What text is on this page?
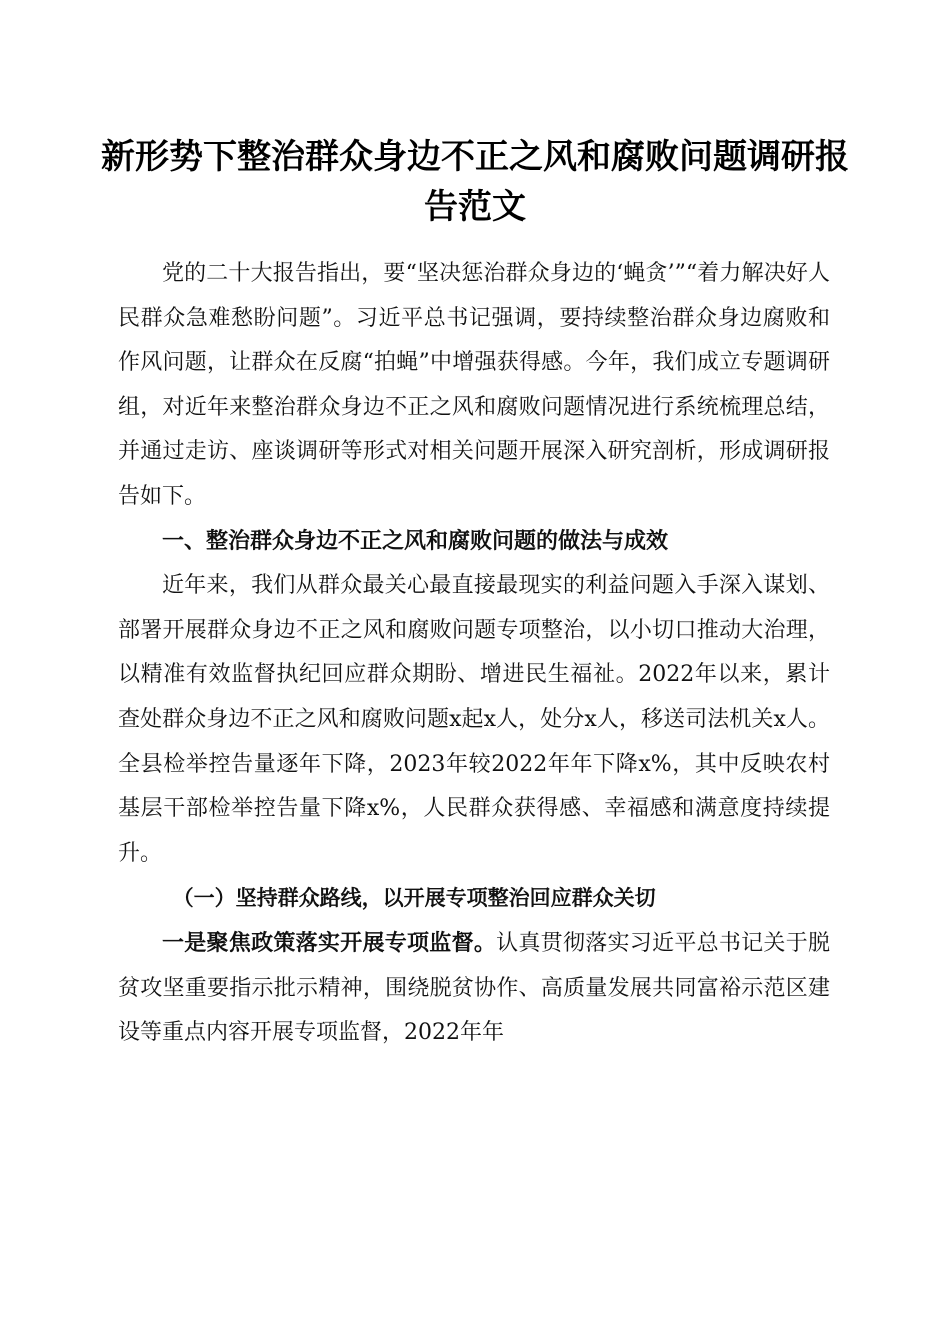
新形势下整治群众身边不正之风和腐败问题调研报告范文

党的二十大报告指出，要“坚决惩治群众身边的‘蝇贪’”“着力解决好人民群众急难愁盼问题”。习近平总书记强调，要持续整治群众身边腐败和作风问题，让群众在反腐“拍蝇”中增强获得感。今年，我们成立专题调研组，对近年来整治群众身边不正之风和腐败问题情况进行系统梳理总结，并通过走访、座谈调研等形式对相关问题开展深入研究剖析，形成调研报告如下。

一、整治群众身边不正之风和腐败问题的做法与成效

近年来，我们从群众最关心最直接最现实的利益问题入手深入谋划、部署开展群众身边不正之风和腐败问题专项整治，以小切口推动大治理，以精准有效监督执纪回应群众期盼、增进民生福祉。2022年以来，累计查处群众身边不正之风和腐败问题x起x人，处分x人，移送司法机关x人。全县检举控告量逐年下降，2023年较2022年年下降x%，其中反映农村基层干部检举控告量下降x%，人民群众获得感、幸福感和满意度持续提升。

（一）坚持群众路线，以开展专项整治回应群众关切

一是聚焦政策落实开展专项监督。认真贯彻落实习近平总书记关于脱贫攻坚重要指示批示精神，围绕脱贫协作、高质量发展共同富裕示范区建设等重点内容开展专项监督，2022年年
